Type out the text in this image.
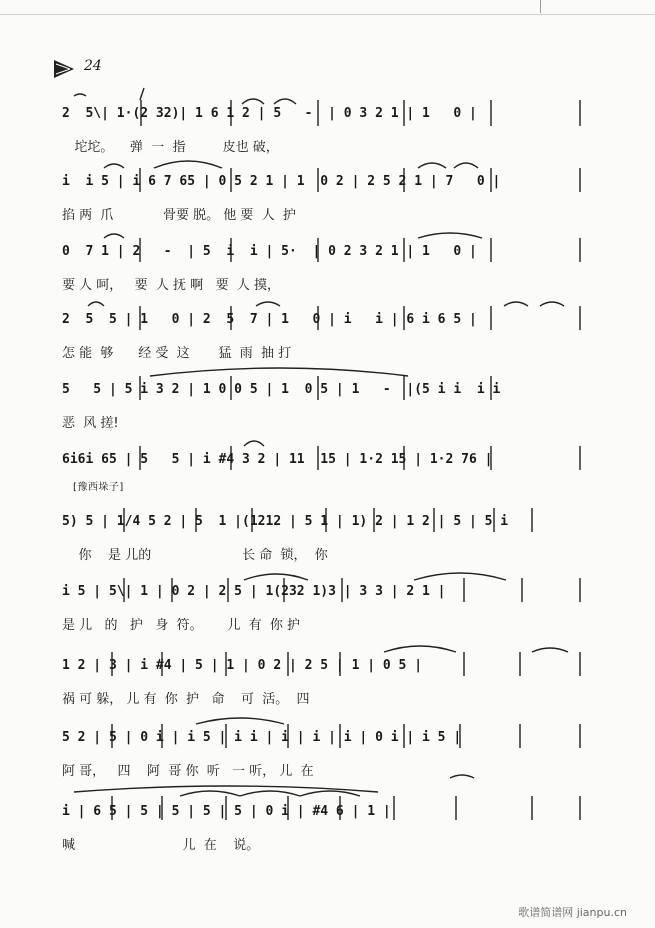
24
[豫西垛子]
2  5\| 1·(2 32)| 1 6 1 2 | 5   -  | 0 3 2 1 | 1   0 |
坨坨。    弹  一  指         皮也 破，
i  i 5 | i 6 7 65 | 0 5 2 1 | 1  0 2 | 2 5 2 1 | 7   0 |
掐 两  爪            骨要 脱。 他 要  人  护
0  7 1 | 2   -  | 5  i  i | 5·  | 0 2 3 2 1 | 1   0 |
要 人 呵，   要  人 抚 啊   要  人 摸，
2  5  5 | 1   0 | 2  5  7 | 1   0 | i   i | 6 i 6 5 |
怎 能  够      经 受  这       猛  雨  抽 打
5   5 | 5 i 3 2 | 1 0 0 5 | 1  0 5 | 1   -  |(5 i i  i i
恶  风 搓!
6i6i 65 | 5   5 | i #4 3 2 | 11  15 | 1·2 15 | 1·2 76 |
5) 5 | 1/4 5 2 | 5  1 |(1212 | 5 1 | 1) 2 | 1 2 | 5 | 5 i
你    是 儿的                      长 命  锁，  你
i 5 | 5\| 1 | 0 2 | 2 5 | 1(232 1)3 | 3 3 | 2 1 |
是 儿   的   护   身  符。      儿  有  你 护
1 2 | 3 | i #4 | 5 | 1 | 0 2 | 2 5 | 1 | 0 5 |
祸 可 躲， 儿 有  你  护   命    可  活。  四
5 2 | 5 | 0 i | i 5 | i i | i | i | i | 0 i | i 5 |
阿 哥，   四    阿  哥 你  听   一 听， 儿  在
i | 6 5 | 5 | 5 | 5 | 5 | 0 i | #4 6 | 1 |
喊                          儿  在    说。
歌谱简谱网 jianpu.cn
